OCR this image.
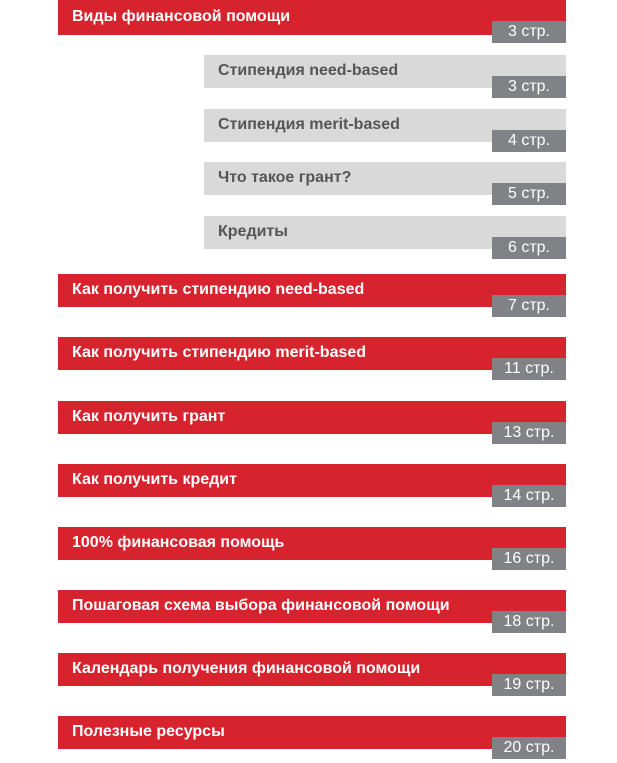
Виды финансовой помощи
3 стр.
Стипендия need-based
3 стр.
Стипендия merit-based
4 стр.
Что такое грант?
5 стр.
Кредиты
6 стр.
Как получить стипендию need-based
7 стр.
Как получить стипендию merit-based
11 стр.
Как получить грант
13 стр.
Как получить кредит
14 стр.
100% финансовая помощь
16 стр.
Пошаговая схема выбора финансовой помощи
18 стр.
Календарь получения финансовой помощи
19 стр.
Полезные ресурсы
20 стр.
